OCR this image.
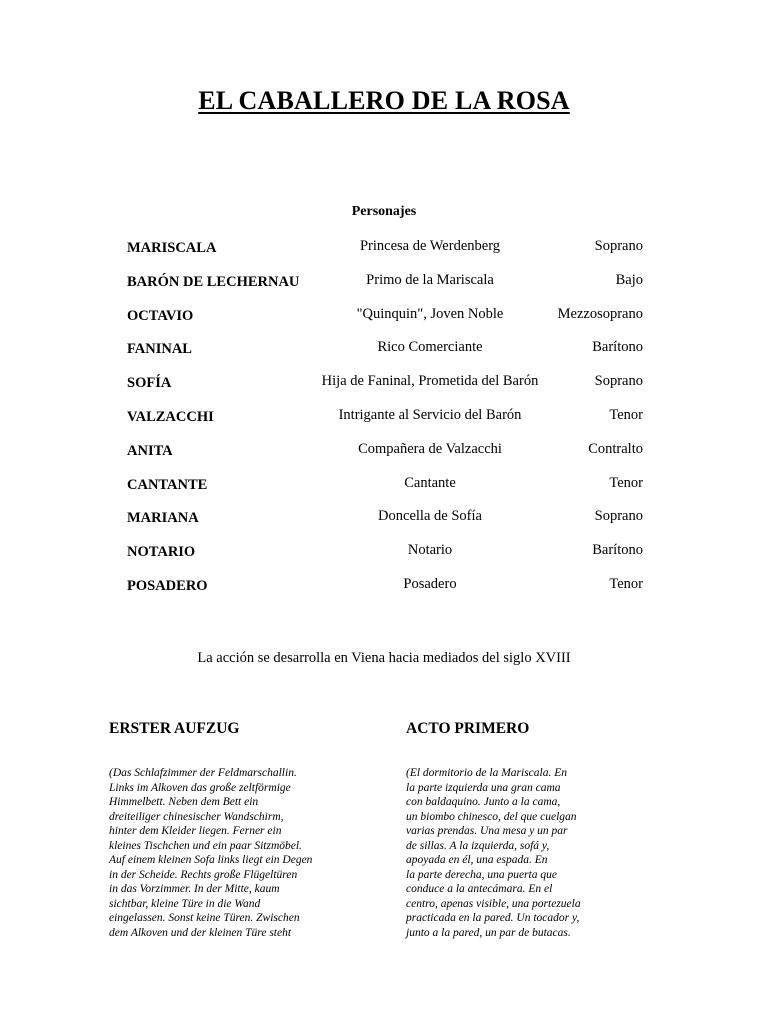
EL CABALLERO DE LA ROSA
Personajes
MARISCALA	Princesa de Werdenberg	Soprano
BARÓN DE LECHERNAU	Primo de la Mariscala	Bajo
OCTAVIO	"Quinquin", Joven Noble	Mezzosoprano
FANINAL	Rico Comerciante	Barítono
SOFÍA	Hija de Faninal, Prometida del Barón	Soprano
VALZACCHI	Intrigante al Servicio del Barón	Tenor
ANITA	Compañera de Valzacchi	Contralto
CANTANTE	Cantante	Tenor
MARIANA	Doncella de Sofía	Soprano
NOTARIO	Notario	Barítono
POSADERO	Posadero	Tenor

La acción se desarrolla en Viena hacia mediados del siglo XVIII

ERSTER AUFZUG	ACTO PRIMERO
(Das Schlafzimmer der Feldmarschallin.
Links im Alkoven das große zeltförmige
Himmelbett. Neben dem Bett ein
dreiteiliger chinesischer Wandschirm,
hinter dem Kleider liegen. Ferner ein
kleines Tischchen und ein paar Sitzmöbel.
Auf einem kleinen Sofa links liegt ein Degen
in der Scheide. Rechts große Flügeltüren
in das Vorzimmer. In der Mitte, kaum
sichtbar, kleine Türe in die Wand
eingelassen. Sonst keine Türen. Zwischen
dem Alkoven und der kleinen Türe steht
(El dormitorio de la Mariscala. En
la parte izquierda una gran cama
con baldaquino. Junto a la cama,
un biombo chinesco, del que cuelgan
varias prendas. Una mesa y un par
de sillas. A la izquierda, sofá y,
apoyada en él, una espada. En
la parte derecha, una puerta que
conduce a la antecámara. En el
centro, apenas visible, una portezuela
practicada en la pared. Un tocador y,
junto a la pared, un par de butacas.
